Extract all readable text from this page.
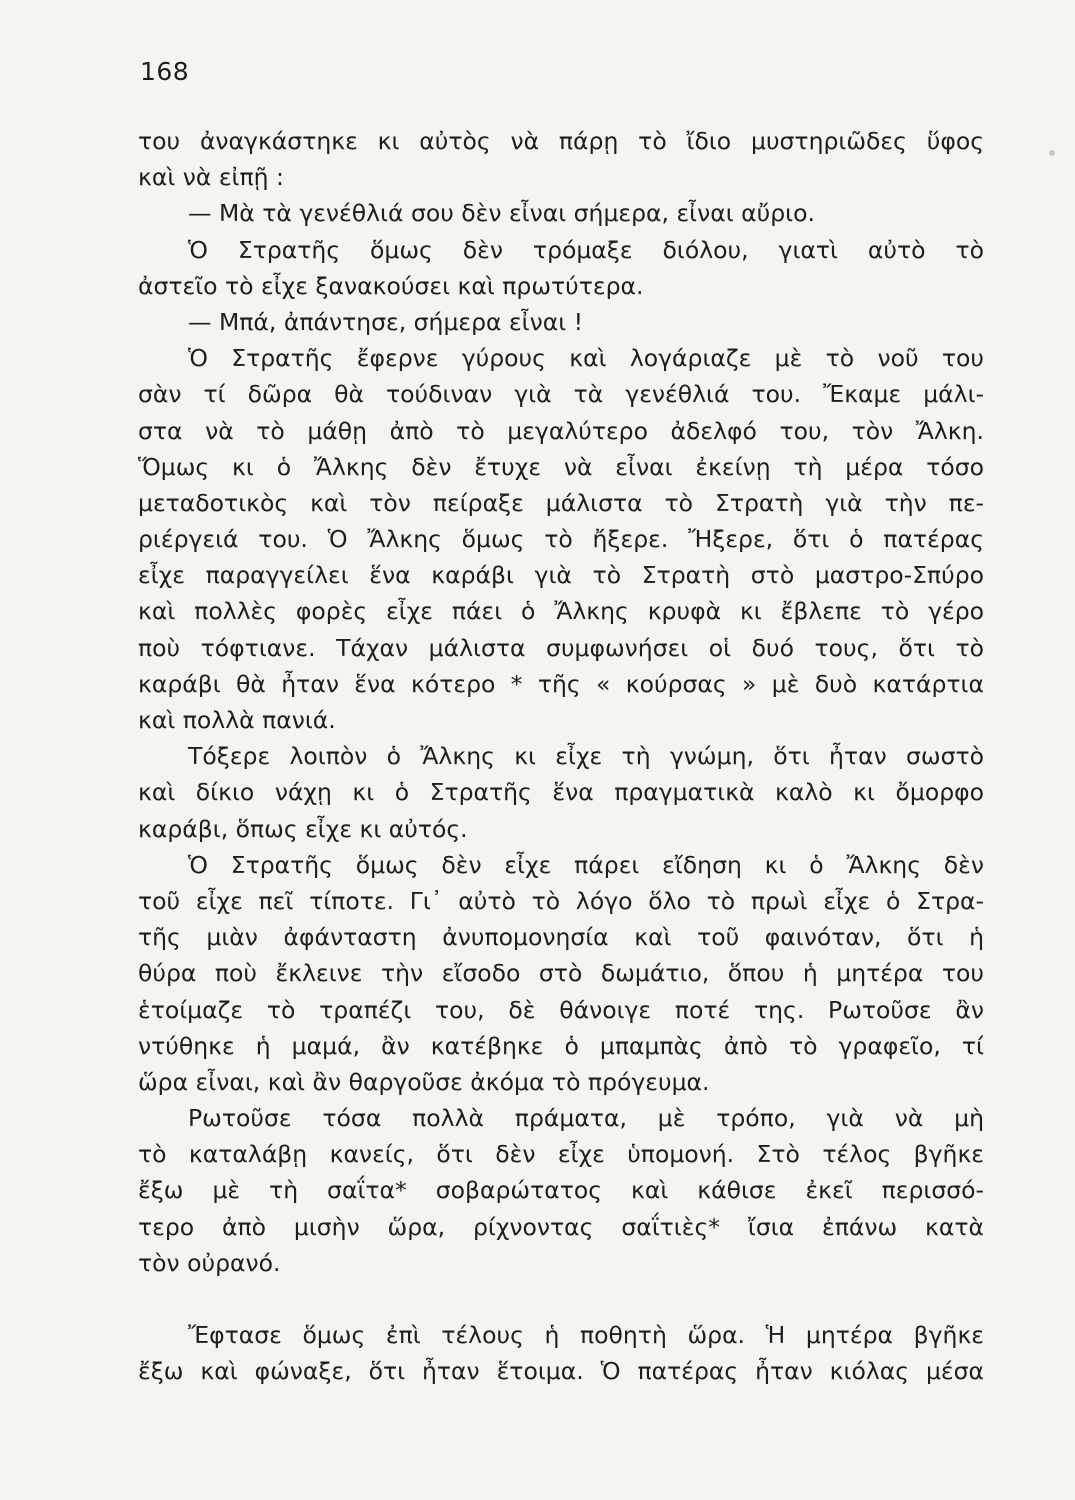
168
του ἀναγκάστηκε κι αὐτὸς νὰ πάρῃ τὸ ἴδιο μυστηριῶδες ὕφος
καὶ νὰ εἰπῇ :
— Μὰ τὰ γενέθλιά σου δὲν εἶναι σήμερα, εἶναι αὔριο.
Ὁ Στρατῆς ὅμως δὲν τρόμαξε διόλου, γιατὶ αὐτὸ τὸ
ἀστεῖο τὸ εἶχε ξανακούσει καὶ πρωτύτερα.
— Μπά, ἀπάντησε, σήμερα εἶναι !
Ὁ Στρατῆς ἔφερνε γύρους καὶ λογάριαζε μὲ τὸ νοῦ του
σὰν τί δῶρα θὰ τούδιναν γιὰ τὰ γενέθλιά του. Ἔκαμε μάλι-
στα νὰ τὸ μάθῃ ἀπὸ τὸ μεγαλύτερο ἀδελφό του, τὸν Ἄλκη.
Ὅμως κι ὁ Ἄλκης δὲν ἔτυχε νὰ εἶναι ἐκείνῃ τὴ μέρα τόσο
μεταδοτικὸς καὶ τὸν πείραξε μάλιστα τὸ Στρατὴ γιὰ τὴν πε-
ριέργειά του. Ὁ Ἄλκης ὅμως τὸ ἤξερε. Ἤξερε, ὅτι ὁ πατέρας
εἶχε παραγγείλει ἕνα καράβι γιὰ τὸ Στρατὴ στὸ μαστρο-Σπύρο
καὶ πολλὲς φορὲς εἶχε πάει ὁ Ἄλκης κρυφὰ κι ἔβλεπε τὸ γέρο
ποὺ τόφτιανε. Τάχαν μάλιστα συμφωνήσει οἱ δυό τους, ὅτι τὸ
καράβι θὰ ἦταν ἕνα κότερο * τῆς « κούρσας » μὲ δυὸ κατάρτια
καὶ πολλὰ πανιά.
Τόξερε λοιπὸν ὁ Ἄλκης κι εἶχε τὴ γνώμη, ὅτι ἦταν σωστὸ
καὶ δίκιο νάχῃ κι ὁ Στρατῆς ἕνα πραγματικὰ καλὸ κι ὄμορφο
καράβι, ὅπως εἶχε κι αὐτός.
Ὁ Στρατῆς ὅμως δὲν εἶχε πάρει εἴδηση κι ὁ Ἄλκης δὲν
τοῦ εἶχε πεῖ τίποτε. Γι᾽ αὐτὸ τὸ λόγο ὅλο τὸ πρωὶ εἶχε ὁ Στρα-
τῆς μιὰν ἀφάνταστη ἀνυπομονησία καὶ τοῦ φαινόταν, ὅτι ἡ
θύρα ποὺ ἔκλεινε τὴν εἴσοδο στὸ δωμάτιο, ὅπου ἡ μητέρα του
ἑτοίμαζε τὸ τραπέζι του, δὲ θάνοιγε ποτέ της. Ρωτοῦσε ἂν
ντύθηκε ἡ μαμά, ἂν κατέβηκε ὁ μπαμπὰς ἀπὸ τὸ γραφεῖο, τί
ὥρα εἶναι, καὶ ἂν θαργοῦσε ἀκόμα τὸ πρόγευμα.
Ρωτοῦσε τόσα πολλὰ πράματα, μὲ τρόπο, γιὰ νὰ μὴ
τὸ καταλάβῃ κανείς, ὅτι δὲν εἶχε ὑπομονή. Στὸ τέλος βγῆκε
ἔξω μὲ τὴ σαΐτα* σοβαρώτατος καὶ κάθισε ἐκεῖ περισσό-
τερο ἀπὸ μισὴν ὥρα, ρίχνοντας σαΐτιὲς* ἴσια ἐπάνω κατὰ
τὸν οὐρανό.
Ἔφτασε ὅμως ἐπὶ τέλους ἡ ποθητὴ ὥρα. Ἡ μητέρα βγῆκε
ἔξω καὶ φώναξε, ὅτι ἦταν ἕτοιμα. Ὁ πατέρας ἦταν κιόλας μέσα
